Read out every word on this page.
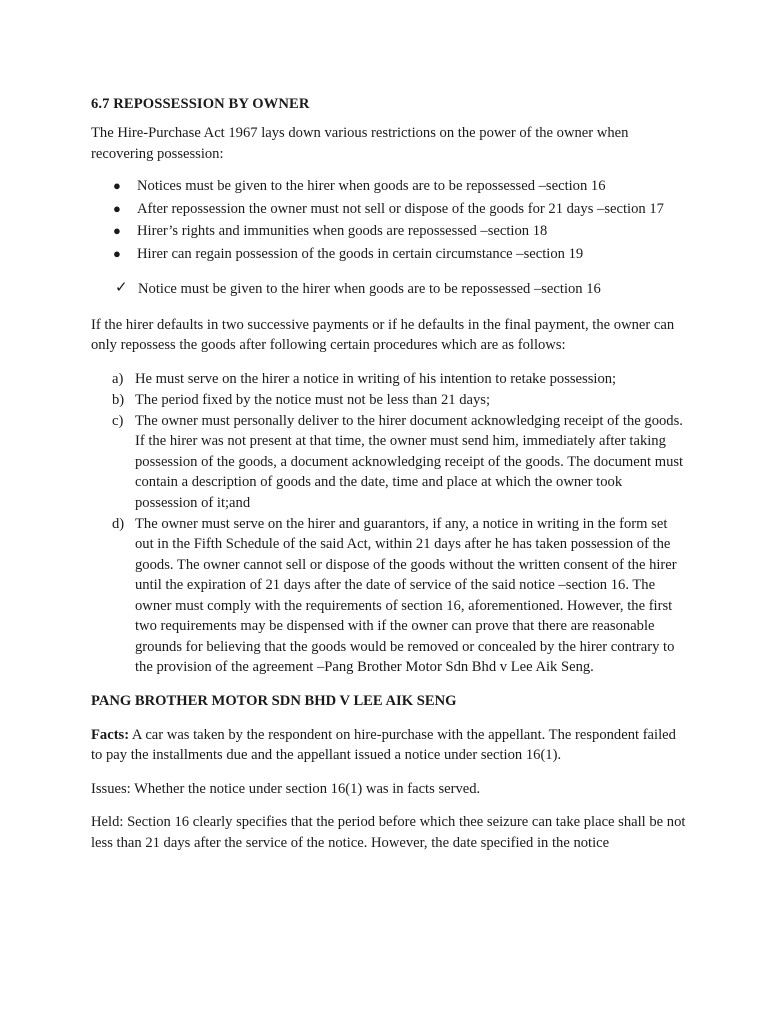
6.7 REPOSSESSION BY OWNER

The Hire-Purchase Act 1967 lays down various restrictions on the power of the owner when recovering possession:

● Notices must be given to the hirer when goods are to be repossessed –section 16
● After repossession the owner must not sell or dispose of the goods for 21 days –section 17
● Hirer’s rights and immunities when goods are repossessed –section 18
● Hirer can regain possession of the goods in certain circumstance –section 19

✓ Notice must be given to the hirer when goods are to be repossessed –section 16

If the hirer defaults in two successive payments or if he defaults in the final payment, the owner can only repossess the goods after following certain procedures which are as follows:

a) He must serve on the hirer a notice in writing of his intention to retake possession;
b) The period fixed by the notice must not be less than 21 days;
c) The owner must personally deliver to the hirer document acknowledging receipt of the goods. If the hirer was not present at that time, the owner must send him, immediately after taking possession of the goods, a document acknowledging receipt of the goods. The document must contain a description of goods and the date, time and place at which the owner took possession of it;and
d) The owner must serve on the hirer and guarantors, if any, a notice in writing in the form set out in the Fifth Schedule of the said Act, within 21 days after he has taken possession of the goods. The owner cannot sell or dispose of the goods without the written consent of the hirer until the expiration of 21 days after the date of service of the said notice –section 16. The owner must comply with the requirements of section 16, aforementioned. However, the first two requirements may be dispensed with if the owner can prove that there are reasonable grounds for believing that the goods would be removed or concealed by the hirer contrary to the provision of the agreement –Pang Brother Motor Sdn Bhd v Lee Aik Seng.
PANG BROTHER MOTOR SDN BHD V LEE AIK SENG

Facts: A car was taken by the respondent on hire-purchase with the appellant. The respondent failed to pay the installments due and the appellant issued a notice under section 16(1).

Issues: Whether the notice under section 16(1) was in facts served.

Held: Section 16 clearly specifies that the period before which thee seizure can take place shall be not less than 21 days after the service of the notice. However, the date specified in the notice
